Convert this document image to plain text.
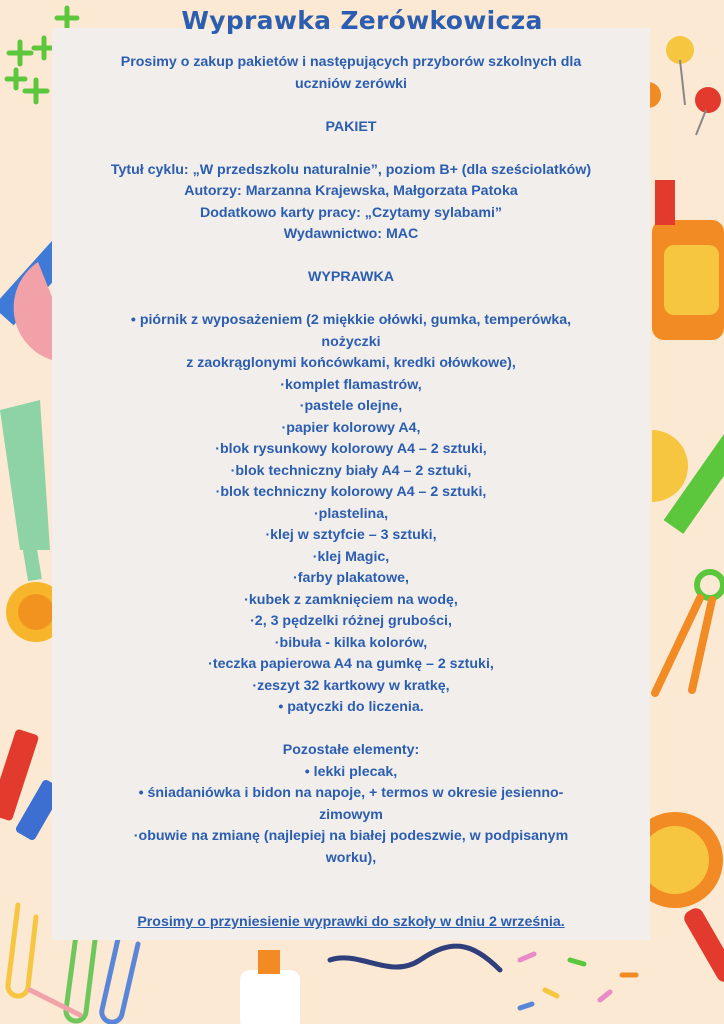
Wyprawka Zerówkowicza

Prosimy o zakup pakietów i następujących przyborów szkolnych dla

uczniów zerówki

PAKIET

Tytuł cyklu: „W przedszkolu naturalnie”, poziom B+ (dla sześciolatków)

Autorzy: Marzanna Krajewska, Małgorzata Patoka

Dodatkowo karty pracy: „Czytamy sylabami”

Wydawnictwo: MAC

WYPRAWKA

• piórnik z wyposażeniem (2 miękkie ołówki, gumka, temperówka,

nożyczki

z zaokrąglonymi końcówkami, kredki ołówkowe),

·komplet flamastrów,

·pastele olejne,

·papier kolorowy A4,

·blok rysunkowy kolorowy A4 – 2 sztuki,

·blok techniczny biały A4 – 2 sztuki,

·blok techniczny kolorowy A4 – 2 sztuki,

·plastelina,

·klej w sztyfcie – 3 sztuki,

·klej Magic,

·farby plakatowe,

·kubek z zamknięciem na wodę,

·2, 3 pędzelki różnej grubości,

·bibuła - kilka kolorów,

·teczka papierowa A4 na gumkę – 2 sztuki,

·zeszyt 32 kartkowy w kratkę,

• patyczki do liczenia.

Pozostałe elementy:

• lekki plecak,

• śniadaniówka i bidon na napoje, + termos w okresie jesienno-

zimowym

·obuwie na zmianę (najlepiej na białej podeszwie, w podpisanym

worku),

Prosimy o przyniesienie wyprawki do szkoły w dniu 2 września.
